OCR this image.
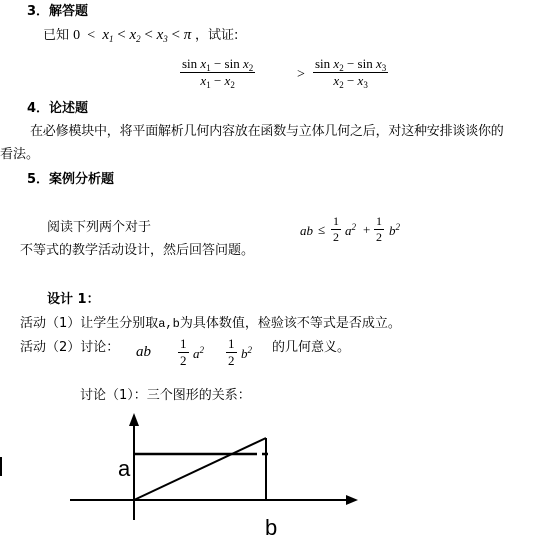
3．解答题
已知 $0 < x_1 < x_2 < x_3 < \pi$ ，试证:
$\sin x_1 - \sin x_2$
$x_1 - x_2$
>
$\sin x_2 - \sin x_3$
$x_2 - x_3$
4．论述题
在必修模块中，将平面解析几何内容放在函数与立体几何之后，对这种安排谈谈你的
看法。
5．案例分析题
阅读下列两个对于	ab ≤
1
2 $a^2$ +
1
2 $b^2$
不等式的教学活动设计，然后回答问题。
设计 1：
活动（1）让学生分别取a,b为具体数值，检验该不等式是否成立。
活动（2）讨论： ab
1
2 $a^2$ 1
2 $b^2$ 的几何意义。
讨论（1）：三个图形的关系：
a
b
